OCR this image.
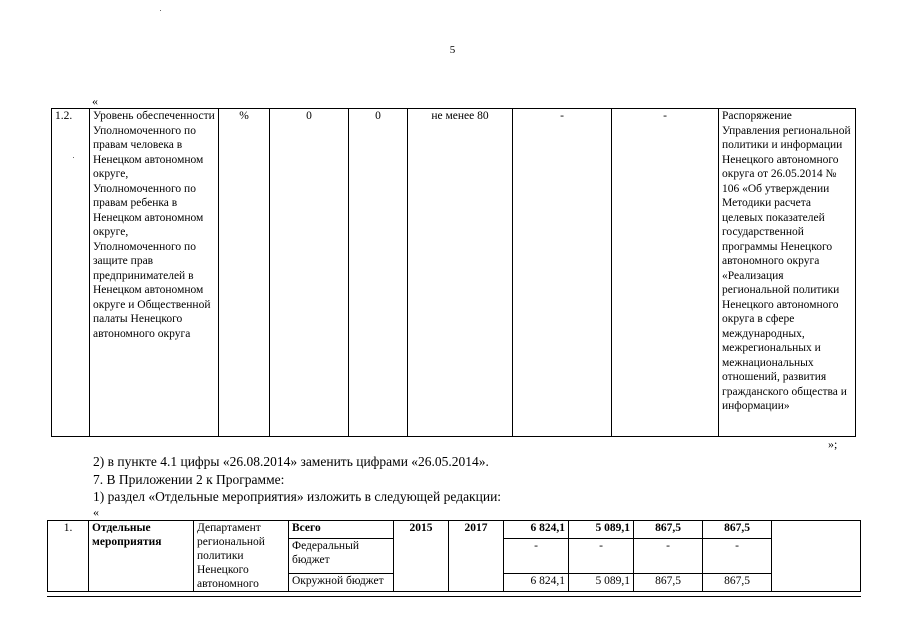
5
«
1.2.	Уровень обеспеченности Уполномоченного по правам человека в Ненецком автономном округе, Уполномоченного по правам ребенка в Ненецком автономном округе, Уполномоченного по защите прав предпринимателей в Ненецком автономном округе и Общественной палаты Ненецкого автономного округа	%	0	0	не менее 80	-	-	Распоряжение Управления региональной политики и информации Ненецкого автономного округа от 26.05.2014 № 106 «Об утверждении Методики расчета целевых показателей государственной программы Ненецкого автономного округа «Реализация региональной политики Ненецкого автономного округа в сфере международных, межрегиональных и межнациональных отношений, развития гражданского общества и информации»
»;
2) в пункте 4.1 цифры «26.08.2014» заменить цифрами «26.05.2014».
7. В Приложении 2 к Программе:
1) раздел «Отдельные мероприятия» изложить в следующей редакции:
«
1.	Отдельные мероприятия	Департамент региональной политики Ненецкого автономного	Всего	2015	2017	6 824,1	5 089,1	867,5	867,5	
			Федеральный бюджет			-	-	-	-	
			Окружной бюджет			6 824,1	5 089,1	867,5	867,5	
